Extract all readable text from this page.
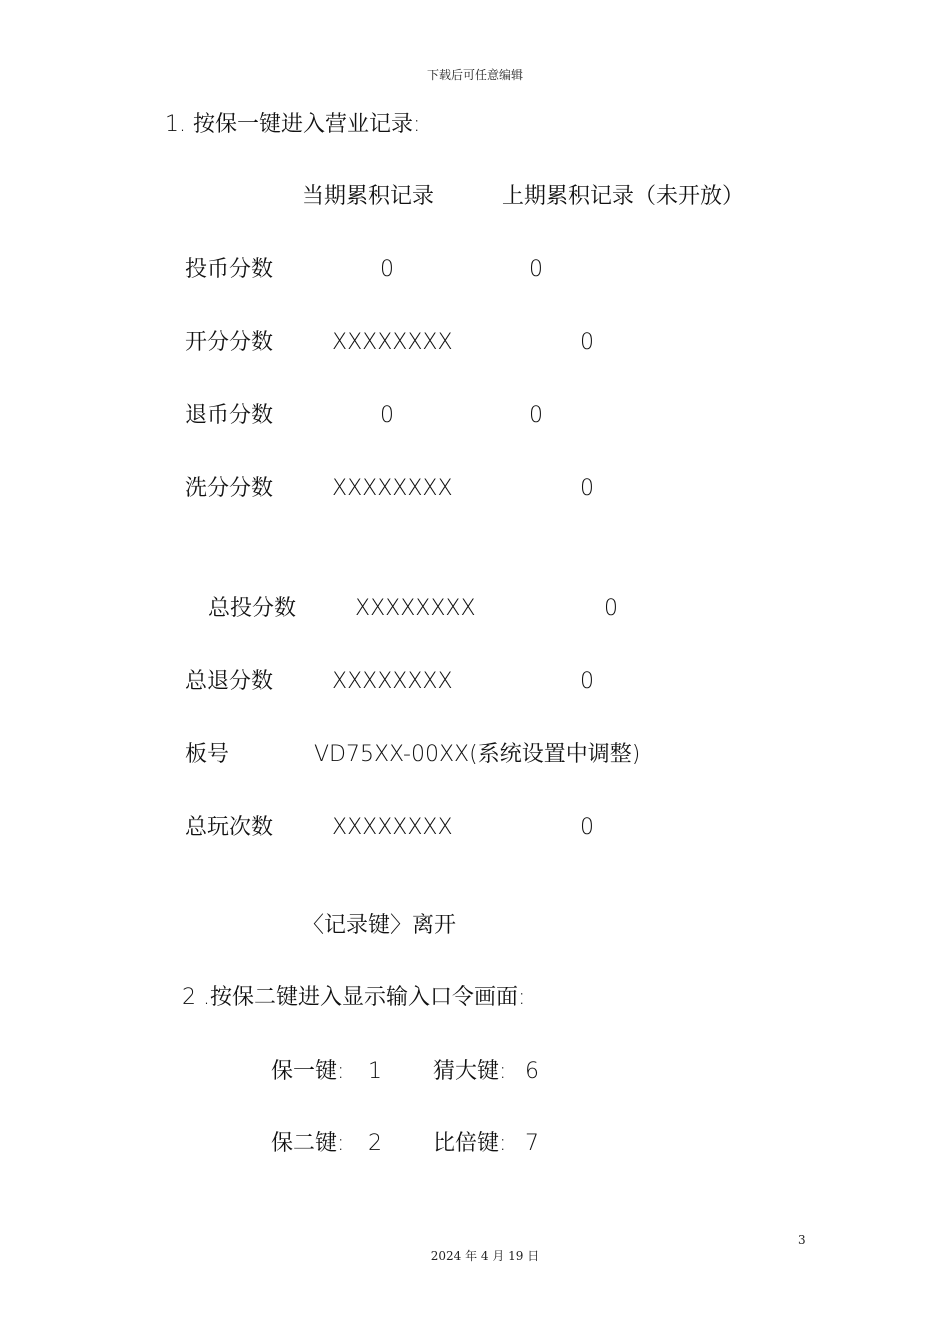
下载后可任意编辑
1. 按保一键进入营业记录:
当期累积记录	上期累积记录（未开放）
投币分数	0	0
开分分数	XXXXXXXX	0
退币分数	0	0
洗分分数	XXXXXXXX	0
总投分数	XXXXXXXX	0
总退分数	XXXXXXXX	0
板号	VD75XX-00XX(系统设置中调整)
总玩次数	XXXXXXXX	0
〈记录键〉离开
2 .按保二键进入显示输入口令画面:
保一键: 1 猜大键: 6
保二键: 2 比倍键: 7
3
2024 年 4 月 19 日
